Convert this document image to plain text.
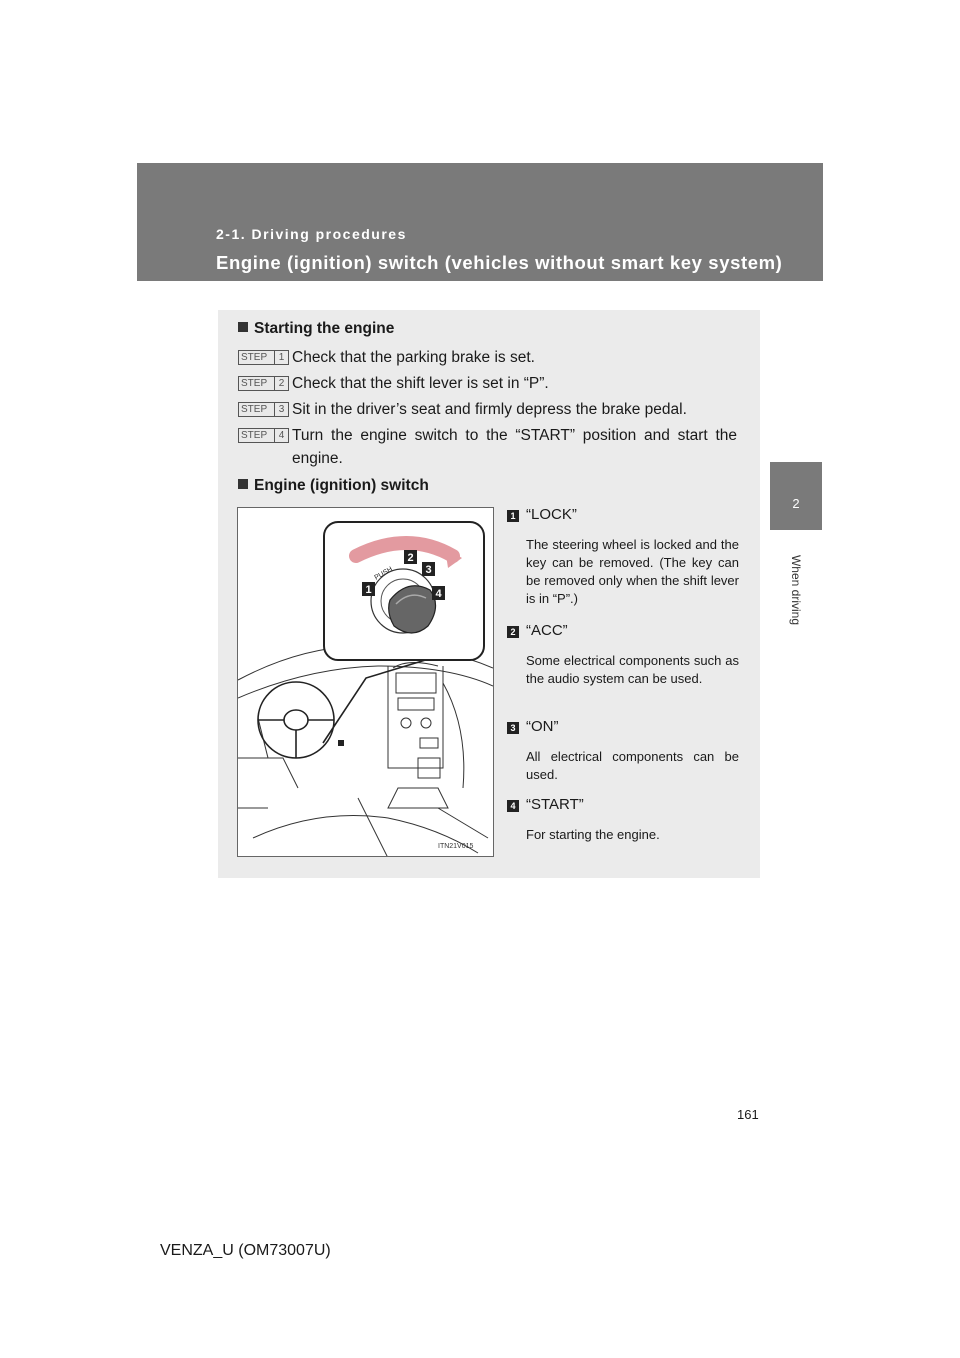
2-1. Driving procedures
Engine (ignition) switch (vehicles without smart key system)
2
When driving
Starting the engine
STEP	1 Check that the parking brake is set.
STEP	2 Check that the shift lever is set in “P”.
STEP	3 Sit in the driver’s seat and firmly depress the brake pedal.
STEP	4 Turn the engine switch to the “START” position and start the engine.
Engine (ignition) switch
PUSH
2
3
1	4
ITN21V015
1 “LOCK”
The steering wheel is locked and the key can be removed. (The key can be removed only when the shift lever is in “P”.)
2 “ACC”
Some electrical components such as the audio system can be used.
3 “ON”
All electrical components can be used.
4 “START”
For starting the engine.
161
VENZA_U (OM73007U)
